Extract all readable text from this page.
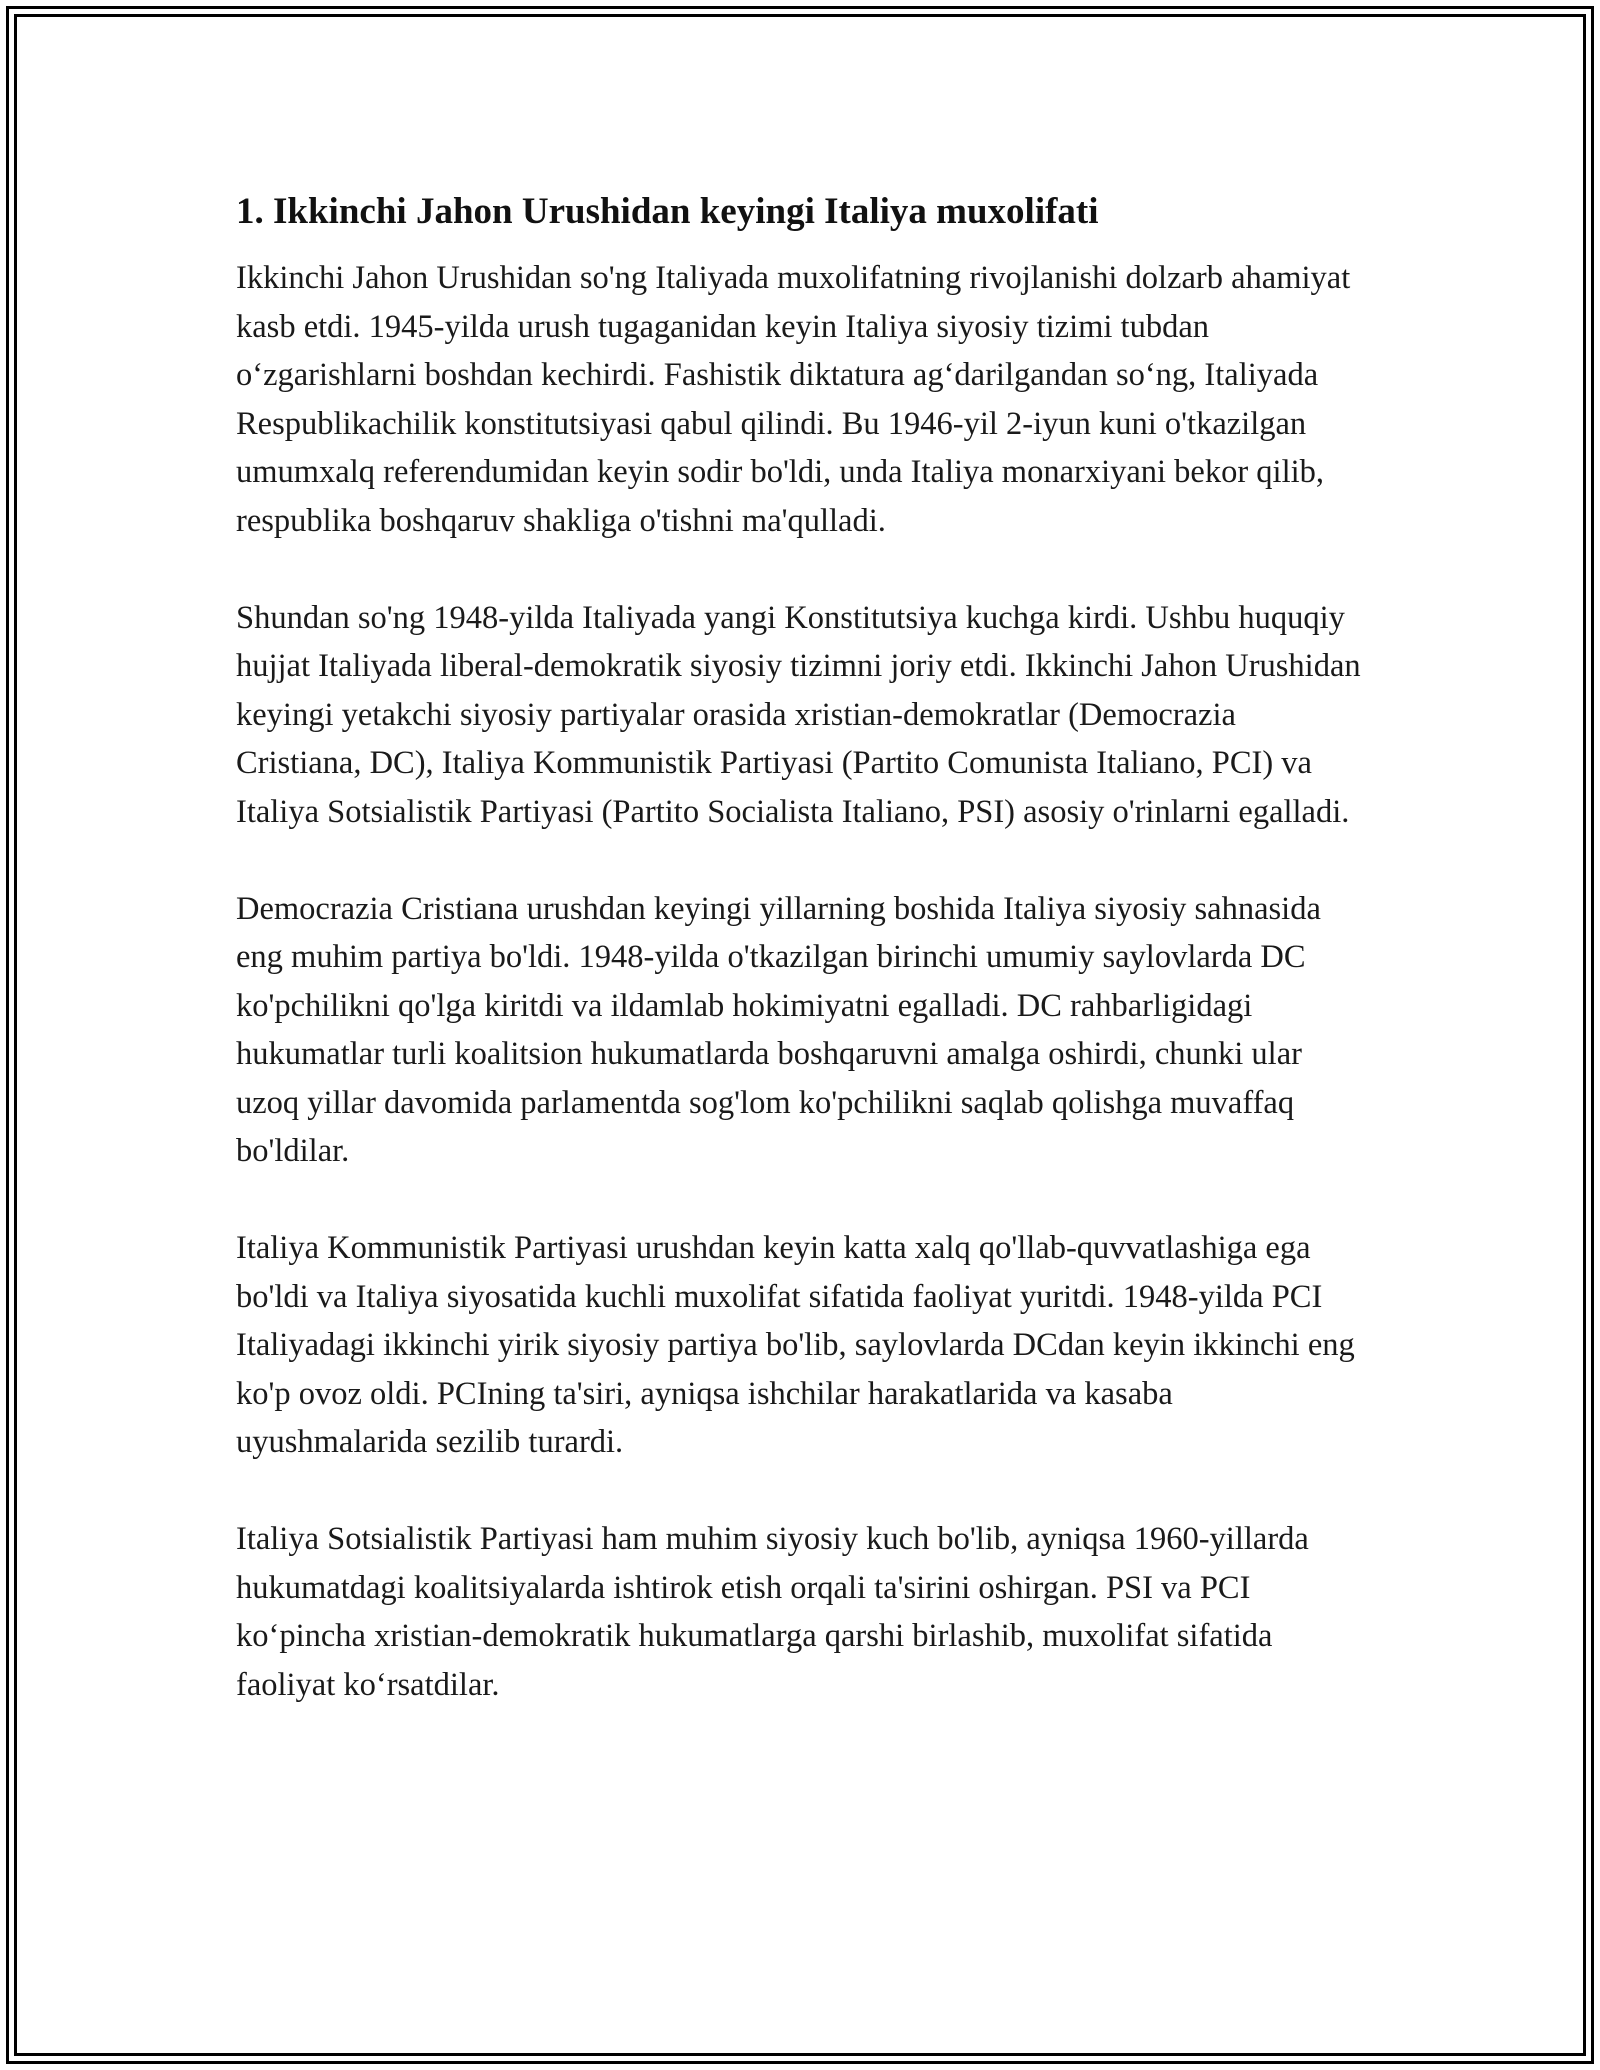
1. Ikkinchi Jahon Urushidan keyingi Italiya muxolifati

Ikkinchi Jahon Urushidan so'ng Italiyada muxolifatning rivojlanishi dolzarb ahamiyat kasb etdi. 1945-yilda urush tugaganidan keyin Italiya siyosiy tizimi tubdan o‘zgarishlarni boshdan kechirdi. Fashistik diktatura ag‘darilgandan so‘ng, Italiyada Respublikachilik konstitutsiyasi qabul qilindi. Bu 1946-yil 2-iyun kuni o'tkazilgan umumxalq referendumidan keyin sodir bo'ldi, unda Italiya monarxiyani bekor qilib, respublika boshqaruv shakliga o'tishni ma'qulladi.

Shundan so'ng 1948-yilda Italiyada yangi Konstitutsiya kuchga kirdi. Ushbu huquqiy hujjat Italiyada liberal-demokratik siyosiy tizimni joriy etdi. Ikkinchi Jahon Urushidan keyingi yetakchi siyosiy partiyalar orasida xristian-demokratlar (Democrazia Cristiana, DC), Italiya Kommunistik Partiyasi (Partito Comunista Italiano, PCI) va Italiya Sotsialistik Partiyasi (Partito Socialista Italiano, PSI) asosiy o'rinlarni egalladi.

Democrazia Cristiana urushdan keyingi yillarning boshida Italiya siyosiy sahnasida eng muhim partiya bo'ldi. 1948-yilda o'tkazilgan birinchi umumiy saylovlarda DC ko'pchilikni qo'lga kiritdi va ildamlab hokimiyatni egalladi. DC rahbarligidagi hukumatlar turli koalitsion hukumatlarda boshqaruvni amalga oshirdi, chunki ular uzoq yillar davomida parlamentda sog'lom ko'pchilikni saqlab qolishga muvaffaq bo'ldilar.

Italiya Kommunistik Partiyasi urushdan keyin katta xalq qo'llab-quvvatlashiga ega bo'ldi va Italiya siyosatida kuchli muxolifat sifatida faoliyat yuritdi. 1948-yilda PCI Italiyadagi ikkinchi yirik siyosiy partiya bo'lib, saylovlarda DCdan keyin ikkinchi eng ko'p ovoz oldi. PCIning ta'siri, ayniqsa ishchilar harakatlarida va kasaba uyushmalarida sezilib turardi.

Italiya Sotsialistik Partiyasi ham muhim siyosiy kuch bo'lib, ayniqsa 1960-yillarda hukumatdagi koalitsiyalarda ishtirok etish orqali ta'sirini oshirgan. PSI va PCI ko‘pincha xristian-demokratik hukumatlarga qarshi birlashib, muxolifat sifatida faoliyat ko‘rsatdilar.
